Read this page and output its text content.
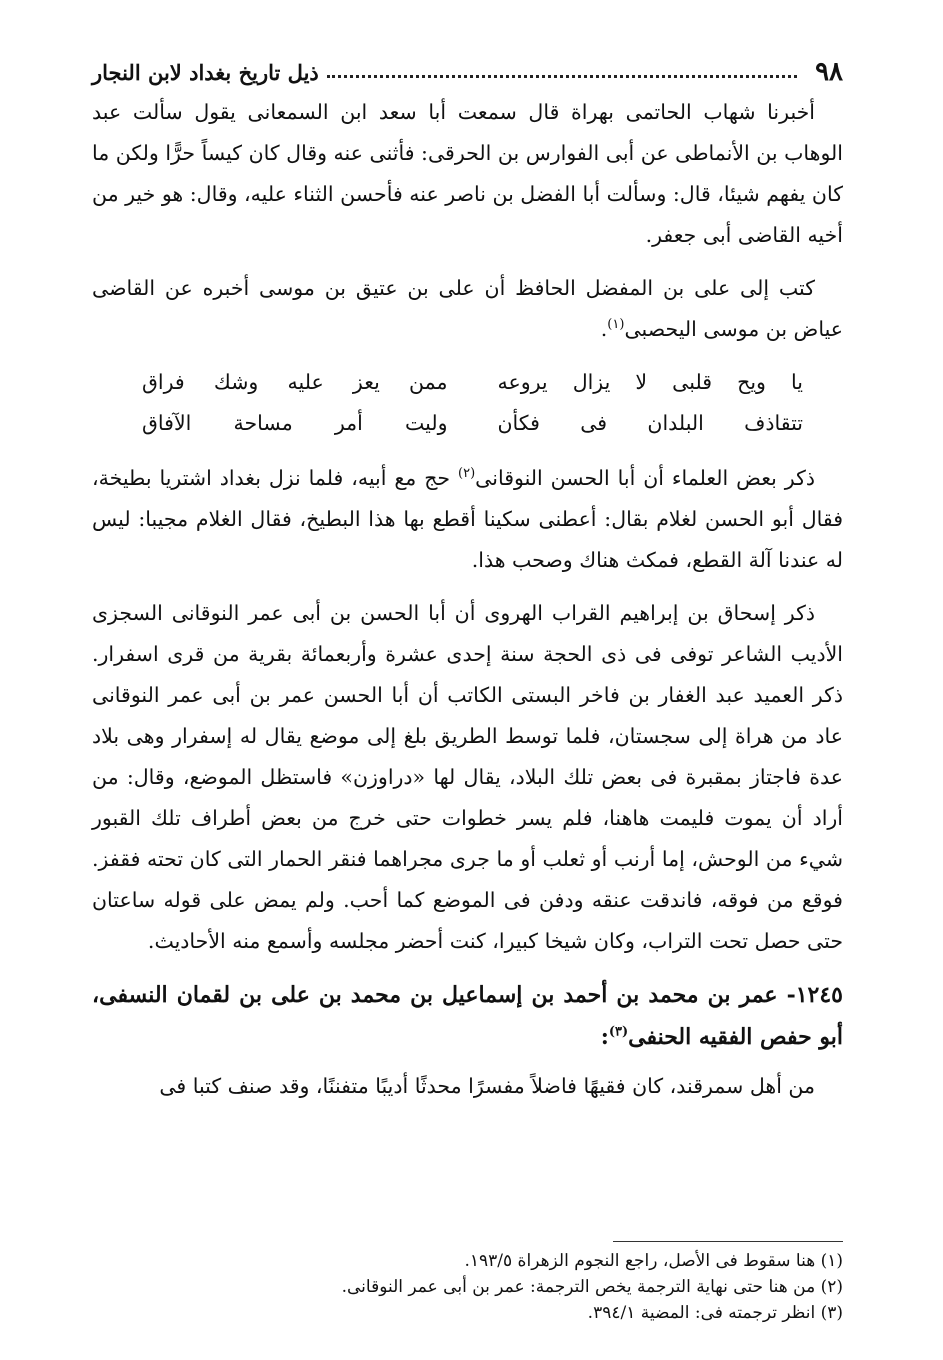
٩٨
ذيل تاريخ بغداد لابن النجار

أخبرنا شهاب الحاتمى بهراة قال سمعت أبا سعد ابن السمعانى يقول سألت عبد الوهاب بن الأنماطى عن أبى الفوارس بن الحرقى: فأثنى عنه وقال كان كيساً حرًّا ولكن ما كان يفهم شيئا، قال: وسألت أبا الفضل بن ناصر عنه فأحسن الثناء عليه، وقال: هو خير من أخيه القاضى أبى جعفر.

كتب إلى على بن المفضل الحافظ أن على بن عتيق بن موسى أخبره عن القاضى عياض بن موسى اليحصبى$^{(١)}$.

يا ويح قلبى لا يزال يروعه
ممن يعز عليه وشك فراق
تتقاذف البلدان فى فكأن
وليت أمر مساحة الآفاق

ذكر بعض العلماء أن أبا الحسن النوقانى$^{(٢)}$ حج مع أبيه، فلما نزل بغداد اشتريا بطيخة، فقال أبو الحسن لغلام بقال: أعطنى سكينا أقطع بها هذا البطيخ، فقال الغلام مجيبا: ليس له عندنا آلة القطع، فمكث هناك وصحب هذا.

ذكر إسحاق بن إبراهيم القراب الهروى أن أبا الحسن بن أبى عمر النوقانى السجزى الأديب الشاعر توفى فى ذى الحجة سنة إحدى عشرة وأربعمائة بقرية من قرى اسفرار. ذكر العميد عبد الغفار بن فاخر البستى الكاتب أن أبا الحسن عمر بن أبى عمر النوقانى عاد من هراة إلى سجستان، فلما توسط الطريق بلغ إلى موضع يقال له إسفرار وهى بلاد عدة فاجتاز بمقبرة فى بعض تلك البلاد، يقال لها «دراوزن» فاستظل الموضع، وقال: من أراد أن يموت فليمت هاهنا، فلم يسر خطوات حتى خرج من بعض أطراف تلك القبور شيء من الوحش، إما أرنب أو ثعلب أو ما جرى مجراهما فنقر الحمار التى كان تحته فقفز. فوقع من فوقه، فاندقت عنقه ودفن فى الموضع كما أحب. ولم يمض على قوله ساعتان حتى حصل تحت التراب، وكان شيخا كبيرا، كنت أحضر مجلسه وأسمع منه الأحاديث.

١٢٤٥- عمر بن محمد بن أحمد بن إسماعيل بن محمد بن على بن لقمان النسفى، أبو حفص الفقيه الحنفى$^{(٣)}$:

من أهل سمرقند، كان فقيهًا فاضلاً مفسرًا محدثًا أديبًا متفننًا، وقد صنف كتبا فى

(١) هنا سقوط فى الأصل، راجع النجوم الزهراة ١٩٣/٥.

(٢) من هنا حتى نهاية الترجمة يخص الترجمة: عمر بن أبى عمر النوقانى.

(٣) انظر ترجمته فى: المضية ٣٩٤/١.
